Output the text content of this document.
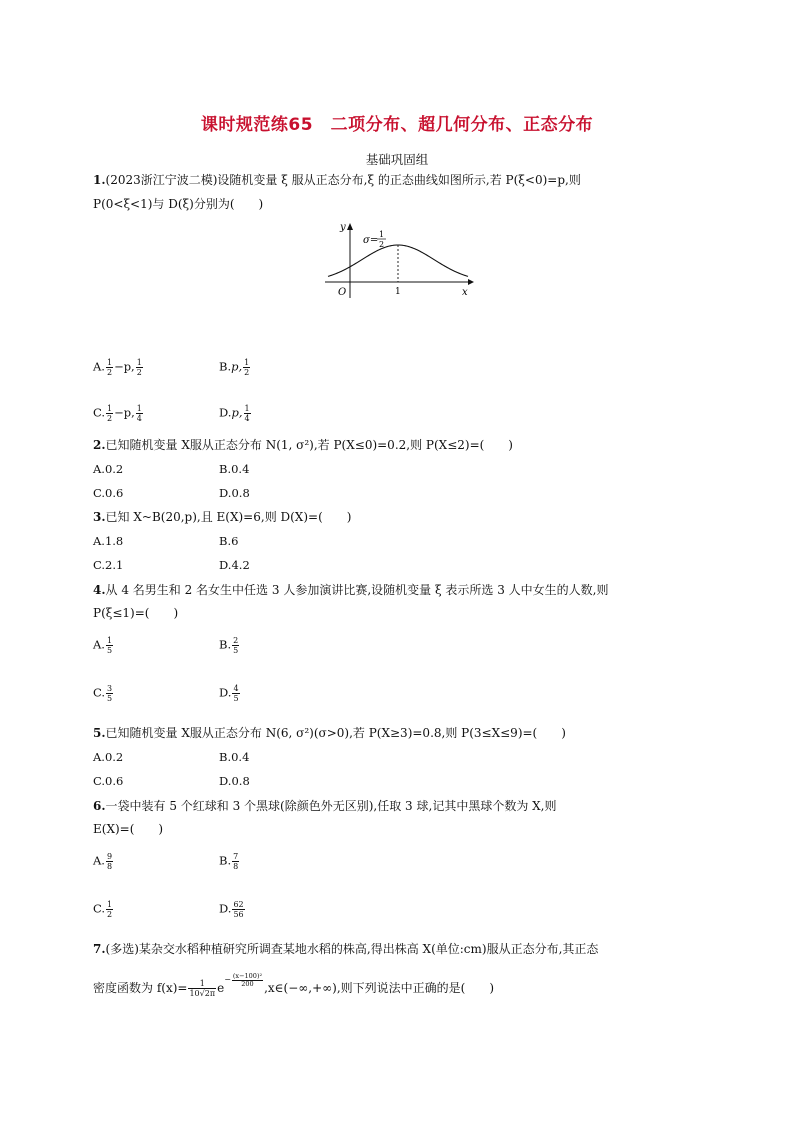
课时规范练65　二项分布、超几何分布、正态分布
基础巩固组
1.(2023浙江宁波二模)设随机变量 ξ 服从正态分布,ξ 的正态曲线如图所示,若 P(ξ<0)=p,则
P(0<ξ<1)与 D(ξ)分别为(　　)
y
x
O	1
σ=
1
2
A. $\frac{1}{2} -p$, $\frac{1}{2}$	B.p, $\frac{1}{2}$
C. $\frac{1}{2} -p$, $\frac{1}{4}$	D.p, $\frac{1}{4}$
2.已知随机变量 X服从正态分布 N(1, σ²),若 P(X≤0)=0.2,则 P(X≤2)=(　　)
A.0.2	B.0.4
C.0.6	D.0.8
3.已知 X~B(20,p),且 E(X)=6,则 D(X)=(　　)
A.1.8	B.6
C.2.1	D.4.2
4.从 4 名男生和 2 名女生中任选 3 人参加演讲比赛,设随机变量 ξ 表示所选 3 人中女生的人数,则
P(ξ≤1)=(　　)
A. $\frac{1}{5}$	B. $\frac{2}{5}$
C. $\frac{3}{5}$	D. $\frac{4}{5}$
5.已知随机变量 X服从正态分布 N(6, σ²)(σ>0),若 P(X≥3)=0.8,则 P(3≤X≤9)=(　　)
A.0.2	B.0.4
C.0.6	D.0.8
6.一袋中装有 5 个红球和 3 个黑球(除颜色外无区别),任取 3 球,记其中黑球个数为 X,则
E(X)=(　　)
A. $\frac{9}{8}$	B. $\frac{7}{8}$
C. $\frac{1}{2}$	D. $\frac{62}{56}$
7.(多选)某杂交水稻种植研究所调查某地水稻的株高,得出株高 X(单位:cm)服从正态分布,其正态
密度函数为 $f(x)= \frac{1}{10√2\pi} e- \frac{\text{(x−100)²}}{200}$
,x∈(−∞,+∞),则下列说法中正确的是(　　)
